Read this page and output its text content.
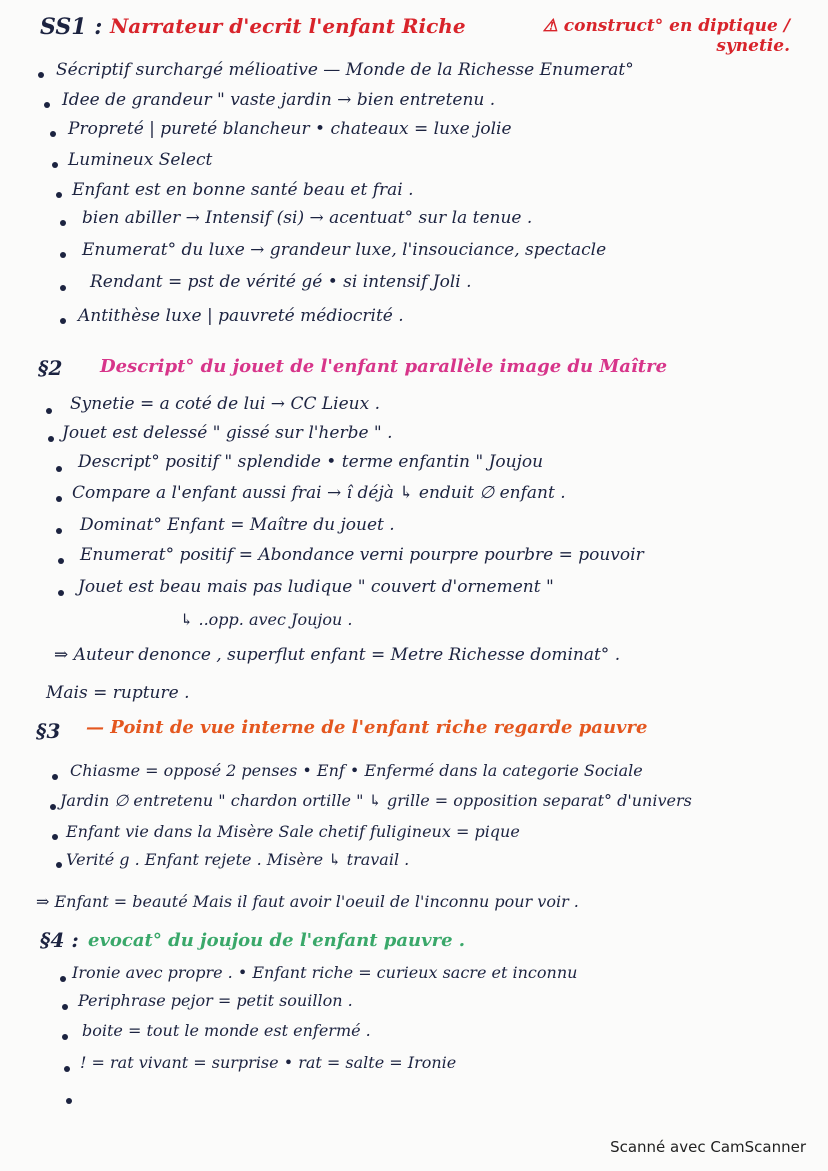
SS1 : Narrateur d'ecrit l'enfant Riche	⚠ construct° en diptique / synetie.
Sécriptif surchargé mélioative — Monde de la Richesse Enumerat°
Idee de grandeur " vaste jardin → bien entretenu .
Propreté | pureté blancheur • chateaux = luxe jolie
Lumineux Select
Enfant est en bonne santé beau et frai .
bien abiller → Intensif (si) → acentuat° sur la tenue .
Enumerat° du luxe → grandeur luxe, l'insouciance, spectacle
Rendant = pst de vérité gé • si intensif Joli .
Antithèse luxe | pauvreté médiocrité .
§2 Descript° du jouet de l'enfant parallèle image du Maître
Synetie = a coté de lui → CC Lieux .
Jouet est delessé " gissé sur l'herbe " .
Descript° positif " splendide • terme enfantin " Joujou
Compare a l'enfant aussi frai → î déjà ↳ enduit ∅ enfant .
Dominat° Enfant = Maître du jouet .
Enumerat° positif = Abondance verni pourpre pourbre = pouvoir
Jouet est beau mais pas ludique " couvert d'ornement "
↳ ..opp. avec Joujou .
⇒ Auteur denonce , superflut enfant = Metre Richesse dominat° .
Mais = rupture .
§3 — Point de vue interne de l'enfant riche regarde pauvre
Chiasme = opposé 2 penses • Enf • Enfermé dans la categorie Sociale
Jardin ∅ entretenu " chardon ortille " ↳ grille = opposition separat° d'univers
Enfant vie dans la Misère Sale chetif fuligineux = pique
Verité g . Enfant rejete . Misère ↳ travail .
⇒ Enfant = beauté Mais il faut avoir l'oeuil de l'inconnu pour voir .
§4 : evocat° du joujou de l'enfant pauvre .
Ironie avec propre . • Enfant riche = curieux sacre et inconnu
Periphrase pejor = petit souillon .
boite = tout le monde est enfermé .
! = rat vivant = surprise • rat = salte = Ironie
Scanné avec CamScanner
